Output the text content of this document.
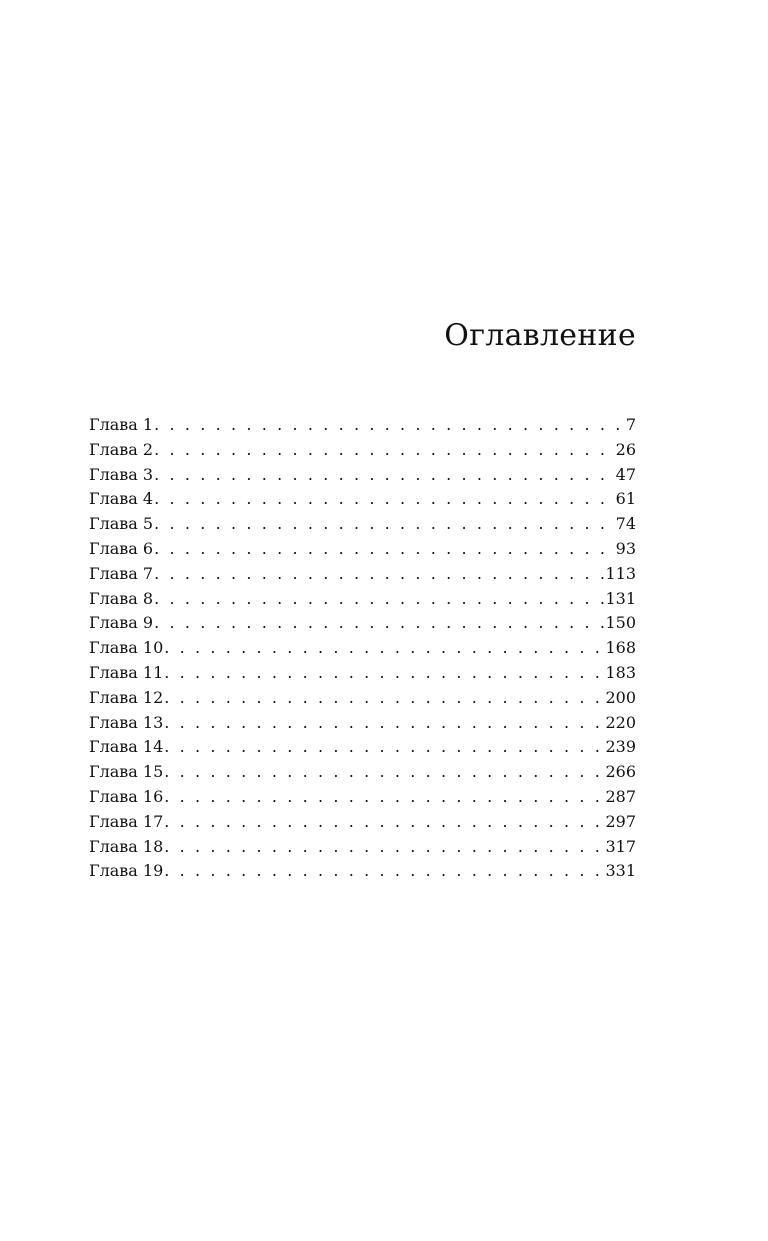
Оглавление
Глава 1 . . .	7
Глава 2 . . .	26
Глава 3 . . .	47
Глава 4 . . .	61
Глава 5 . . .	74
Глава 6 . . .	93
Глава 7 . . .	113
Глава 8 . . .	131
Глава 9 . . .	150
Глава 10 . . .	168
Глава 11 . . .	183
Глава 12 . . .	200
Глава 13 . . .	220
Глава 14 . . .	239
Глава 15 . . .	266
Глава 16 . . .	287
Глава 17 . . .	297
Глава 18 . . .	317
Глава 19 . . .	331
